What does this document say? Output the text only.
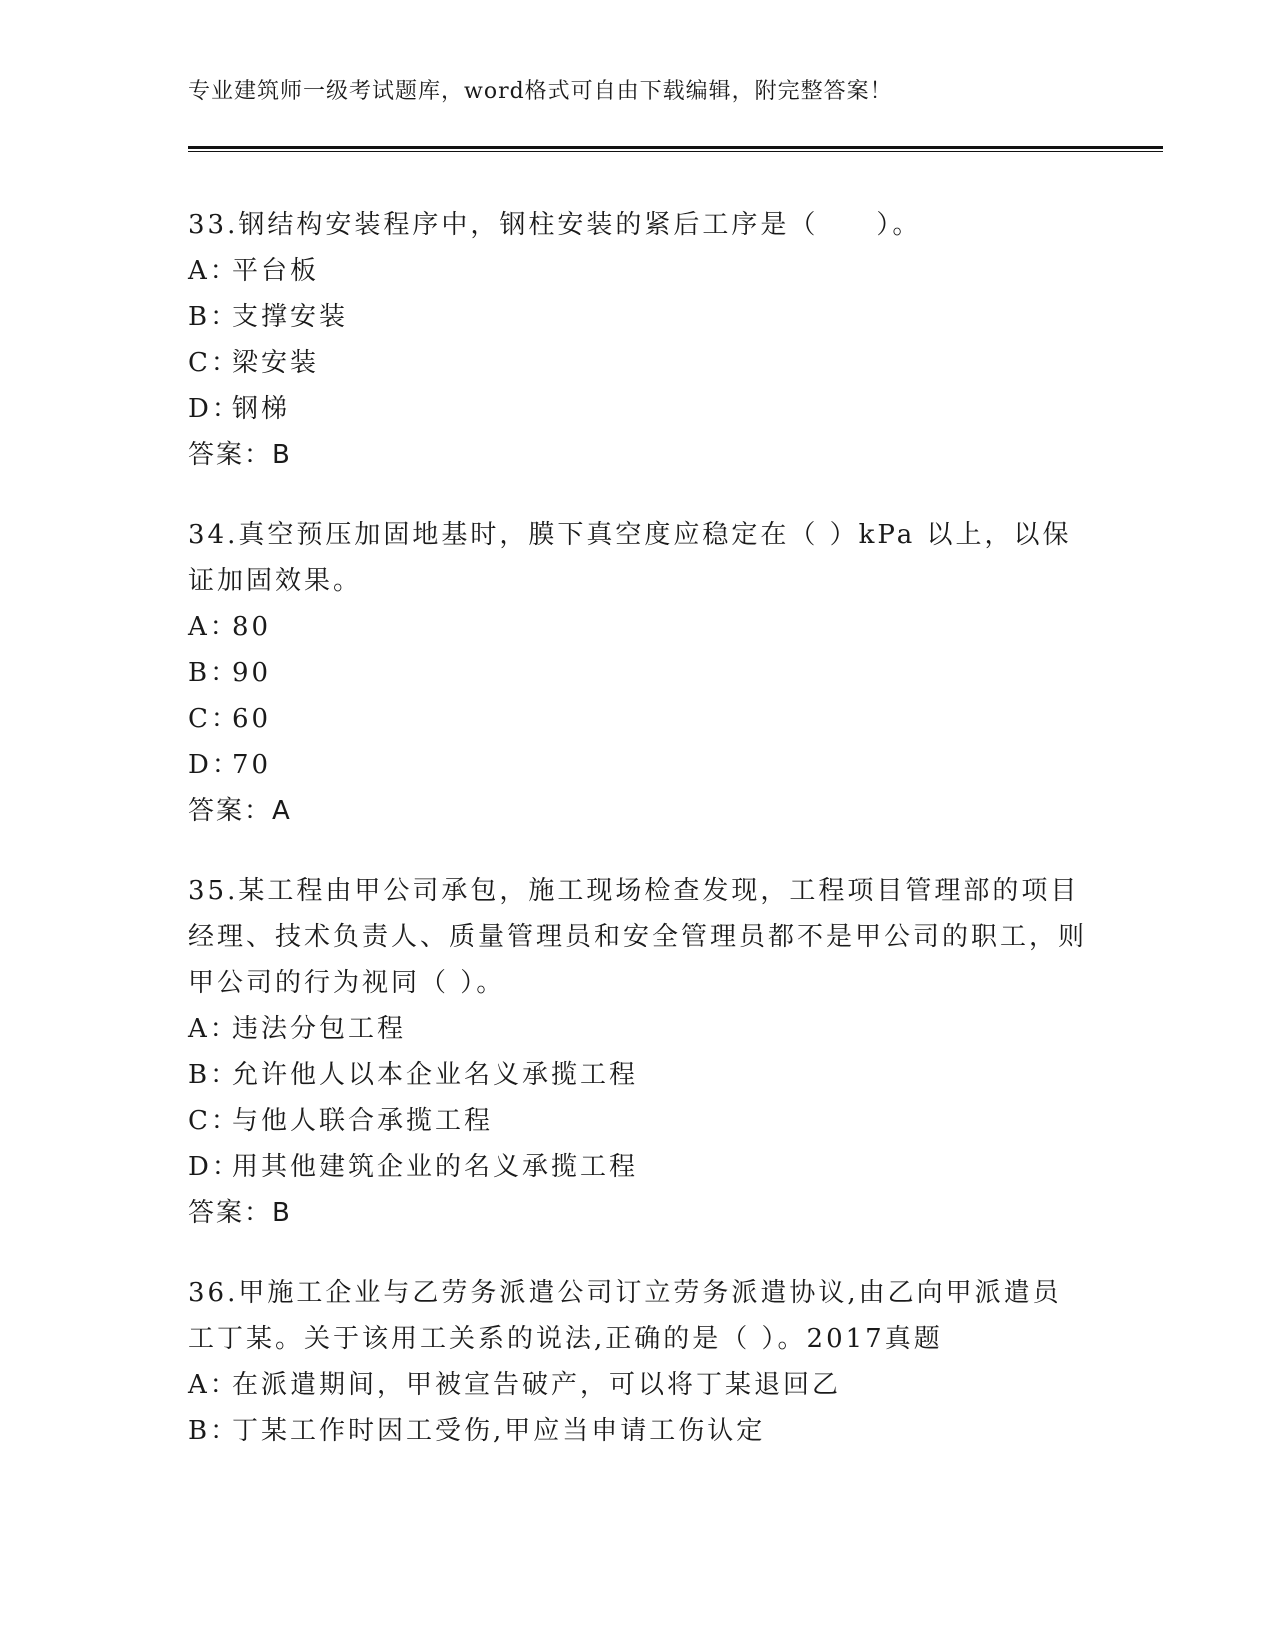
专业建筑师一级考试题库，word格式可自由下载编辑，附完整答案！

33.钢结构安装程序中，钢柱安装的紧后工序是（　　）。

A：平台板
B：支撑安装
C：梁安装
D：钢梯
答案：B

34.真空预压加固地基时，膜下真空度应稳定在（ ）kPa 以上，以保证加固效果。

A：80
B：90
C：60
D：70
答案：A

35.某工程由甲公司承包，施工现场检查发现，工程项目管理部的项目经理、技术负责人、质量管理员和安全管理员都不是甲公司的职工，则甲公司的行为视同（ ）。

A：违法分包工程
B：允许他人以本企业名义承揽工程
C：与他人联合承揽工程
D：用其他建筑企业的名义承揽工程
答案：B

36.甲施工企业与乙劳务派遣公司订立劳务派遣协议,由乙向甲派遣员工丁某。关于该用工关系的说法,正确的是（ ）。2017真题

A：在派遣期间，甲被宣告破产，可以将丁某退回乙
B：丁某工作时因工受伤,甲应当申请工伤认定
